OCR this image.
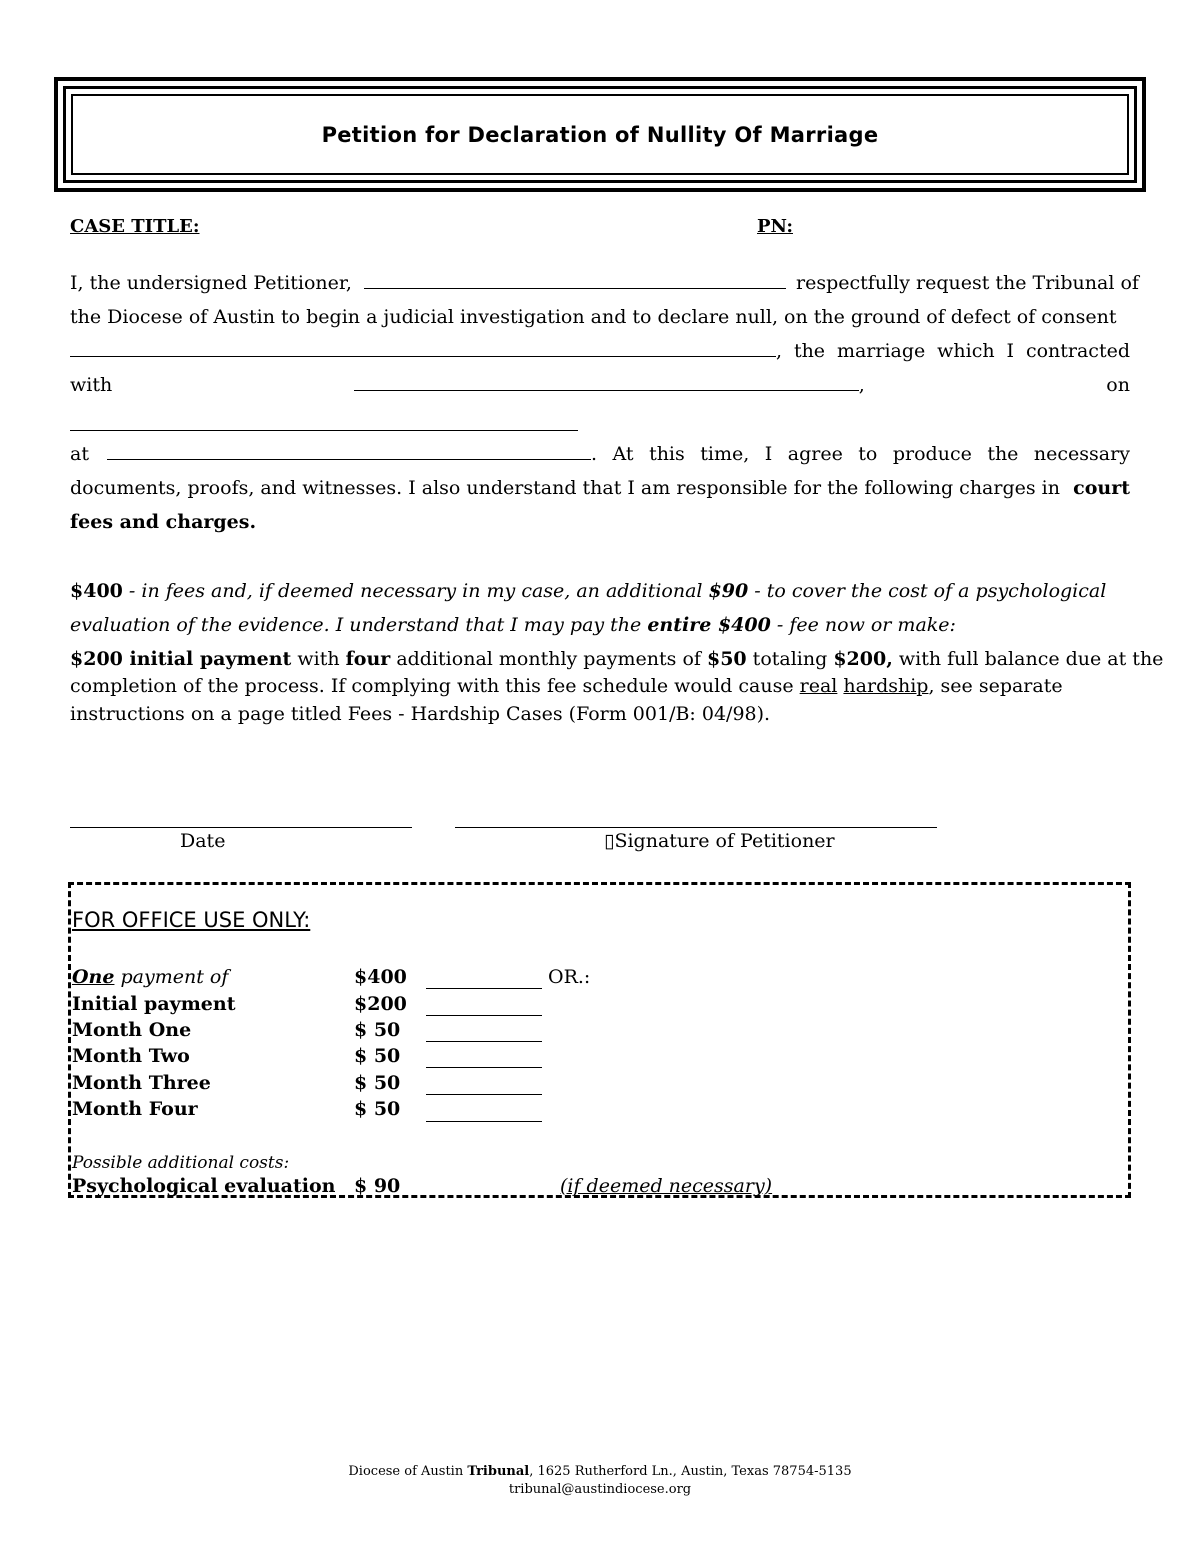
Petition for Declaration of Nullity Of Marriage
CASE TITLE:	PN:
I, the undersigned Petitioner,	respectfully request the Tribunal of
the Diocese of Austin to begin a judicial investigation and to declare null, on the ground of defect of consent
, the marriage which I contracted
with	,	on
at	. At this time, I agree to produce the necessary
documents, proofs, and witnesses. I also understand that I am responsible for the following charges in court
fees and charges.
$400 - in fees and, if deemed necessary in my case, an additional $90 - to cover the cost of a psychological
evaluation of the evidence. I understand that I may pay the entire $400 - fee now or make:
$200 initial payment with four additional monthly payments of $50 totaling $200, with full balance due at the
completion of the process. If complying with this fee schedule would cause real hardship, see separate
instructions on a page titled Fees - Hardship Cases (Form 001/B: 04/98).
Date	▯Signature of Petitioner
FOR OFFICE USE ONLY:
One payment of	$400	OR.:
Initial payment	$200
Month One	$ 50
Month Two	$ 50
Month Three	$ 50
Month Four	$ 50
Possible additional costs:
Psychological evaluation $ 90	(if deemed necessary)
Diocese of Austin Tribunal, 1625 Rutherford Ln., Austin, Texas 78754-5135
tribunal@austindiocese.org
